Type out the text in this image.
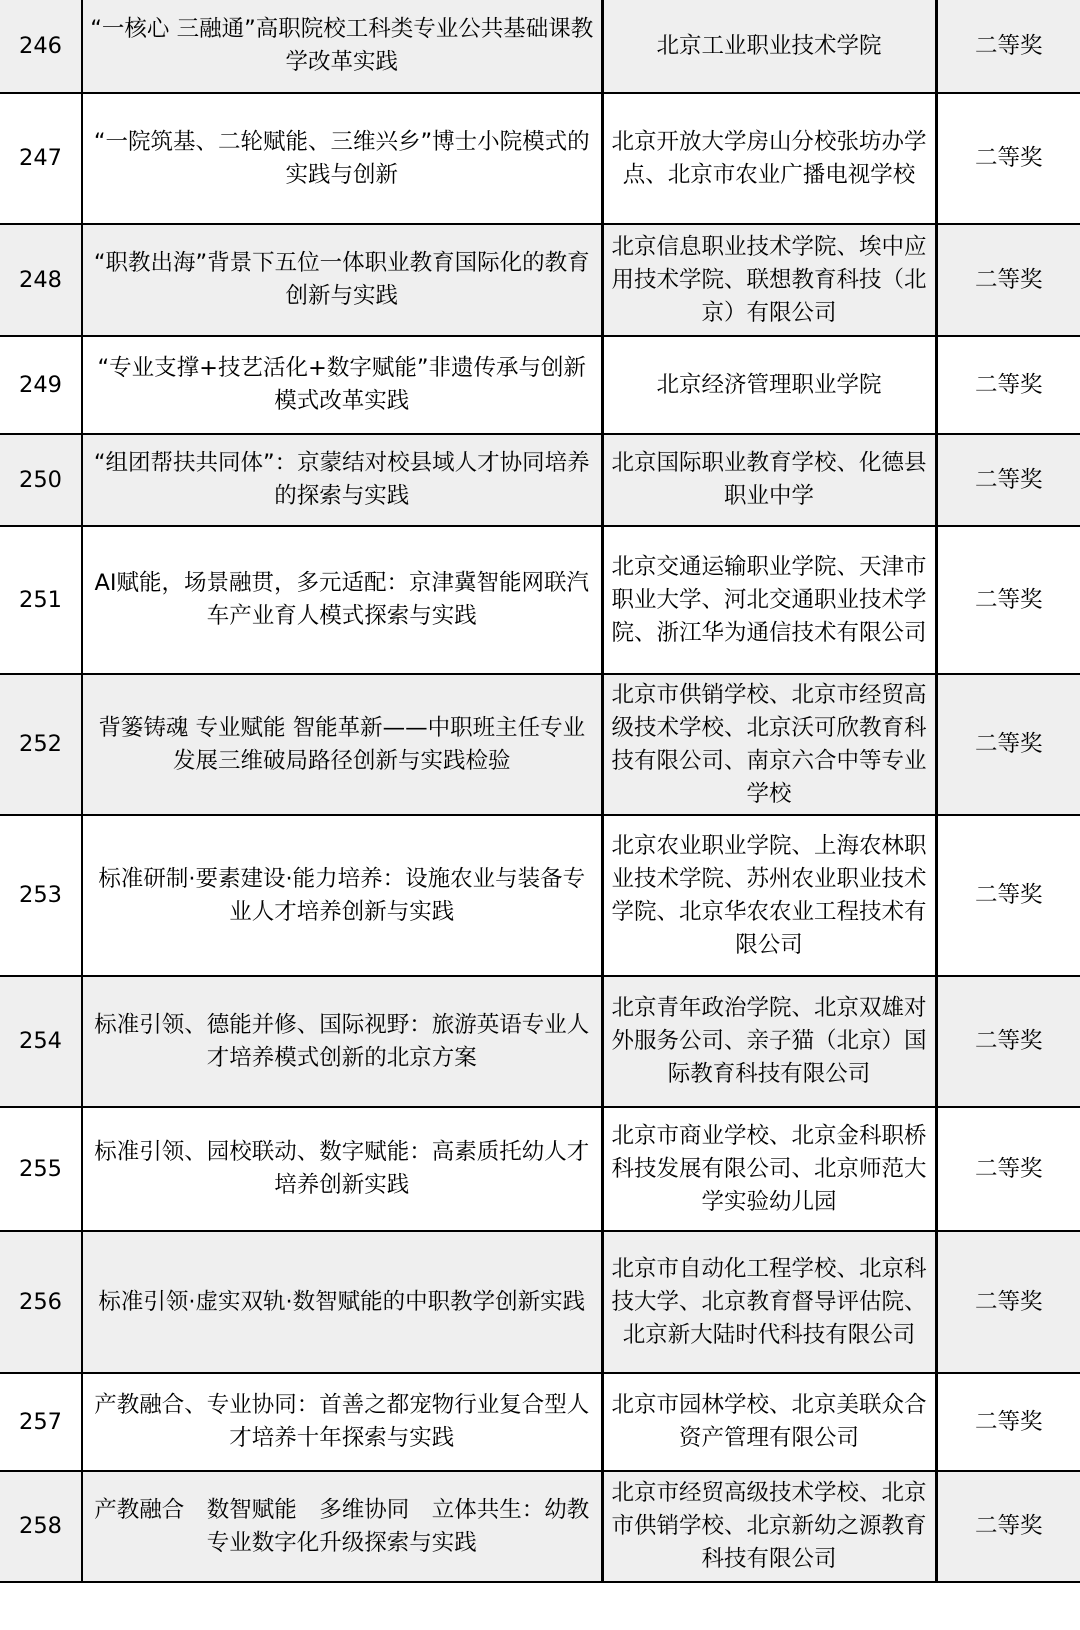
246	“一核心 三融通”高职院校工科类专业公共基础课教学改革实践	北京工业职业技术学院	二等奖
247	“一院筑基、二轮赋能、三维兴乡”博士小院模式的实践与创新	北京开放大学房山分校张坊办学点、北京市农业广播电视学校	二等奖
248	“职教出海”背景下五位一体职业教育国际化的教育创新与实践	北京信息职业技术学院、埃中应用技术学院、联想教育科技（北京）有限公司	二等奖
249	“专业支撑+技艺活化+数字赋能”非遗传承与创新模式改革实践	北京经济管理职业学院	二等奖
250	“组团帮扶共同体”：京蒙结对校县域人才协同培养的探索与实践	北京国际职业教育学校、化德县职业中学	二等奖
251	AI赋能，场景融贯，多元适配：京津冀智能网联汽车产业育人模式探索与实践	北京交通运输职业学院、天津市职业大学、河北交通职业技术学院、浙江华为通信技术有限公司	二等奖
252	背篓铸魂 专业赋能 智能革新——中职班主任专业发展三维破局路径创新与实践检验	北京市供销学校、北京市经贸高级技术学校、北京沃可欣教育科技有限公司、南京六合中等专业学校	二等奖
253	标准研制·要素建设·能力培养：设施农业与装备专业人才培养创新与实践	北京农业职业学院、上海农林职业技术学院、苏州农业职业技术学院、北京华农农业工程技术有限公司	二等奖
254	标准引领、德能并修、国际视野：旅游英语专业人才培养模式创新的北京方案	北京青年政治学院、北京双雄对外服务公司、亲子猫（北京）国际教育科技有限公司	二等奖
255	标准引领、园校联动、数字赋能：高素质托幼人才培养创新实践	北京市商业学校、北京金科职桥科技发展有限公司、北京师范大学实验幼儿园	二等奖
256	标准引领·虚实双轨·数智赋能的中职教学创新实践	北京市自动化工程学校、北京科技大学、北京教育督导评估院、北京新大陆时代科技有限公司	二等奖
257	产教融合、专业协同：首善之都宠物行业复合型人才培养十年探索与实践	北京市园林学校、北京美联众合资产管理有限公司	二等奖
258	产教融合　数智赋能　多维协同　立体共生：幼教专业数字化升级探索与实践	北京市经贸高级技术学校、北京市供销学校、北京新幼之源教育科技有限公司	二等奖
